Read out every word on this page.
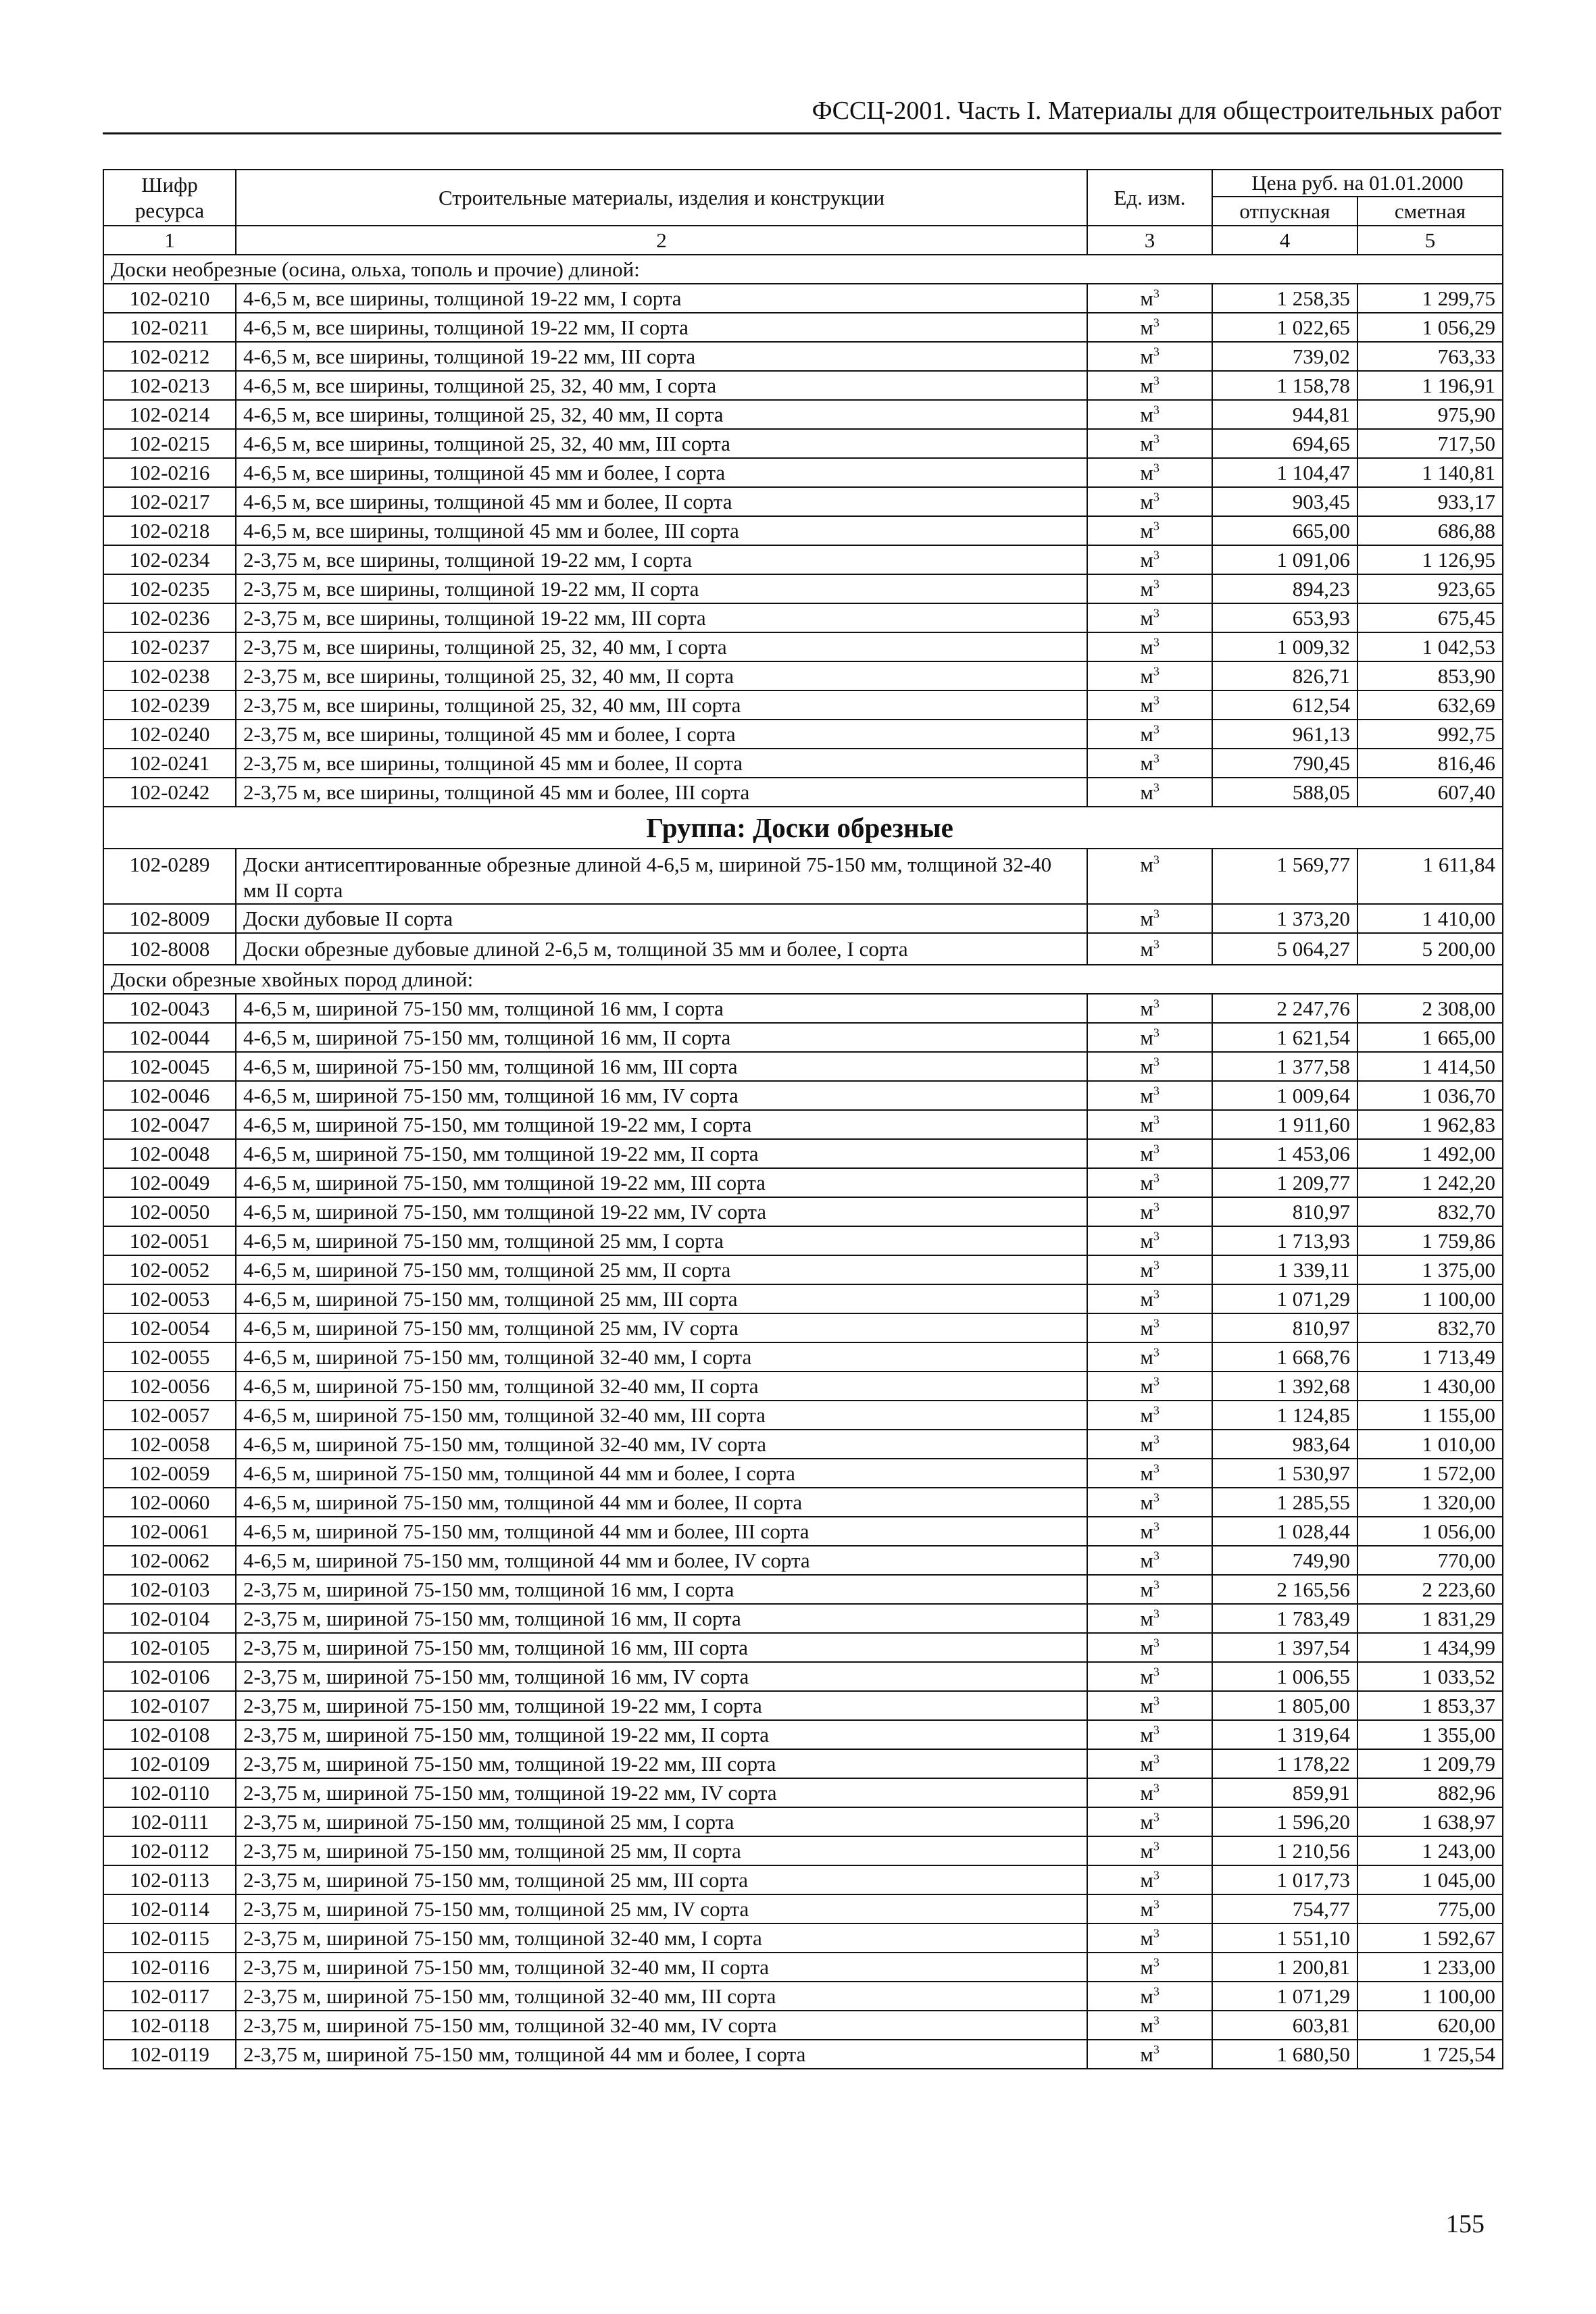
ФССЦ-2001. Часть I. Материалы для общестроительных работ
Шифр ресурса	Строительные материалы, изделия и конструкции	Ед. изм.	Цена руб. на 01.01.2000	
			отпускная	сметная
1	2	3	4	5
Доски необрезные (осина, ольха, тополь и прочие) длиной:				
102-0210	4-6,5 м, все ширины, толщиной 19-22 мм, I сорта	$м^3$	1 258,35	1 299,75
102-0211	4-6,5 м, все ширины, толщиной 19-22 мм, II сорта	$м^3$	1 022,65	1 056,29
102-0212	4-6,5 м, все ширины, толщиной 19-22 мм, III сорта	$м^3$	739,02	763,33
102-0213	4-6,5 м, все ширины, толщиной 25, 32, 40 мм, I сорта	$м^3$	1 158,78	1 196,91
102-0214	4-6,5 м, все ширины, толщиной 25, 32, 40 мм, II сорта	$м^3$	944,81	975,90
102-0215	4-6,5 м, все ширины, толщиной 25, 32, 40 мм, III сорта	$м^3$	694,65	717,50
102-0216	4-6,5 м, все ширины, толщиной 45 мм и более, I сорта	$м^3$	1 104,47	1 140,81
102-0217	4-6,5 м, все ширины, толщиной 45 мм и более, II сорта	$м^3$	903,45	933,17
102-0218	4-6,5 м, все ширины, толщиной 45 мм и более, III сорта	$м^3$	665,00	686,88
102-0234	2-3,75 м, все ширины, толщиной 19-22 мм, I сорта	$м^3$	1 091,06	1 126,95
102-0235	2-3,75 м, все ширины, толщиной 19-22 мм, II сорта	$м^3$	894,23	923,65
102-0236	2-3,75 м, все ширины, толщиной 19-22 мм, III сорта	$м^3$	653,93	675,45
102-0237	2-3,75 м, все ширины, толщиной 25, 32, 40 мм, I сорта	$м^3$	1 009,32	1 042,53
102-0238	2-3,75 м, все ширины, толщиной 25, 32, 40 мм, II сорта	$м^3$	826,71	853,90
102-0239	2-3,75 м, все ширины, толщиной 25, 32, 40 мм, III сорта	$м^3$	612,54	632,69
102-0240	2-3,75 м, все ширины, толщиной 45 мм и более, I сорта	$м^3$	961,13	992,75
102-0241	2-3,75 м, все ширины, толщиной 45 мм и более, II сорта	$м^3$	790,45	816,46
102-0242	2-3,75 м, все ширины, толщиной 45 мм и более, III сорта	$м^3$	588,05	607,40
Группа: Доски обрезные				
102-0289	Доски антисептированные обрезные длиной 4-6,5 м, шириной 75-150 мм, толщиной 32-40 мм II сорта	$м^3$	1 569,77	1 611,84
102-8009	Доски дубовые II сорта	$м^3$	1 373,20	1 410,00
102-8008	Доски обрезные дубовые длиной 2-6,5 м, толщиной 35 мм и более, I сорта	$м^3$	5 064,27	5 200,00
Доски обрезные хвойных пород длиной:				
102-0043	4-6,5 м, шириной 75-150 мм, толщиной 16 мм, I сорта	$м^3$	2 247,76	2 308,00
102-0044	4-6,5 м, шириной 75-150 мм, толщиной 16 мм, II сорта	$м^3$	1 621,54	1 665,00
102-0045	4-6,5 м, шириной 75-150 мм, толщиной 16 мм, III сорта	$м^3$	1 377,58	1 414,50
102-0046	4-6,5 м, шириной 75-150 мм, толщиной 16 мм, IV сорта	$м^3$	1 009,64	1 036,70
102-0047	4-6,5 м, шириной 75-150, мм толщиной 19-22 мм, I сорта	$м^3$	1 911,60	1 962,83
102-0048	4-6,5 м, шириной 75-150, мм толщиной 19-22 мм, II сорта	$м^3$	1 453,06	1 492,00
102-0049	4-6,5 м, шириной 75-150, мм толщиной 19-22 мм, III сорта	$м^3$	1 209,77	1 242,20
102-0050	4-6,5 м, шириной 75-150, мм толщиной 19-22 мм, IV сорта	$м^3$	810,97	832,70
102-0051	4-6,5 м, шириной 75-150 мм, толщиной 25 мм, I сорта	$м^3$	1 713,93	1 759,86
102-0052	4-6,5 м, шириной 75-150 мм, толщиной 25 мм, II сорта	$м^3$	1 339,11	1 375,00
102-0053	4-6,5 м, шириной 75-150 мм, толщиной 25 мм, III сорта	$м^3$	1 071,29	1 100,00
102-0054	4-6,5 м, шириной 75-150 мм, толщиной 25 мм, IV сорта	$м^3$	810,97	832,70
102-0055	4-6,5 м, шириной 75-150 мм, толщиной 32-40 мм, I сорта	$м^3$	1 668,76	1 713,49
102-0056	4-6,5 м, шириной 75-150 мм, толщиной 32-40 мм, II сорта	$м^3$	1 392,68	1 430,00
102-0057	4-6,5 м, шириной 75-150 мм, толщиной 32-40 мм, III сорта	$м^3$	1 124,85	1 155,00
102-0058	4-6,5 м, шириной 75-150 мм, толщиной 32-40 мм, IV сорта	$м^3$	983,64	1 010,00
102-0059	4-6,5 м, шириной 75-150 мм, толщиной 44 мм и более, I сорта	$м^3$	1 530,97	1 572,00
102-0060	4-6,5 м, шириной 75-150 мм, толщиной 44 мм и более, II сорта	$м^3$	1 285,55	1 320,00
102-0061	4-6,5 м, шириной 75-150 мм, толщиной 44 мм и более, III сорта	$м^3$	1 028,44	1 056,00
102-0062	4-6,5 м, шириной 75-150 мм, толщиной 44 мм и более, IV сорта	$м^3$	749,90	770,00
102-0103	2-3,75 м, шириной 75-150 мм, толщиной 16 мм, I сорта	$м^3$	2 165,56	2 223,60
102-0104	2-3,75 м, шириной 75-150 мм, толщиной 16 мм, II сорта	$м^3$	1 783,49	1 831,29
102-0105	2-3,75 м, шириной 75-150 мм, толщиной 16 мм, III сорта	$м^3$	1 397,54	1 434,99
102-0106	2-3,75 м, шириной 75-150 мм, толщиной 16 мм, IV сорта	$м^3$	1 006,55	1 033,52
102-0107	2-3,75 м, шириной 75-150 мм, толщиной 19-22 мм, I сорта	$м^3$	1 805,00	1 853,37
102-0108	2-3,75 м, шириной 75-150 мм, толщиной 19-22 мм, II сорта	$м^3$	1 319,64	1 355,00
102-0109	2-3,75 м, шириной 75-150 мм, толщиной 19-22 мм, III сорта	$м^3$	1 178,22	1 209,79
102-0110	2-3,75 м, шириной 75-150 мм, толщиной 19-22 мм, IV сорта	$м^3$	859,91	882,96
102-0111	2-3,75 м, шириной 75-150 мм, толщиной 25 мм, I сорта	$м^3$	1 596,20	1 638,97
102-0112	2-3,75 м, шириной 75-150 мм, толщиной 25 мм, II сорта	$м^3$	1 210,56	1 243,00
102-0113	2-3,75 м, шириной 75-150 мм, толщиной 25 мм, III сорта	$м^3$	1 017,73	1 045,00
102-0114	2-3,75 м, шириной 75-150 мм, толщиной 25 мм, IV сорта	$м^3$	754,77	775,00
102-0115	2-3,75 м, шириной 75-150 мм, толщиной 32-40 мм, I сорта	$м^3$	1 551,10	1 592,67
102-0116	2-3,75 м, шириной 75-150 мм, толщиной 32-40 мм, II сорта	$м^3$	1 200,81	1 233,00
102-0117	2-3,75 м, шириной 75-150 мм, толщиной 32-40 мм, III сорта	$м^3$	1 071,29	1 100,00
102-0118	2-3,75 м, шириной 75-150 мм, толщиной 32-40 мм, IV сорта	$м^3$	603,81	620,00
102-0119	2-3,75 м, шириной 75-150 мм, толщиной 44 мм и более, I сорта	$м^3$	1 680,50	1 725,54
155
